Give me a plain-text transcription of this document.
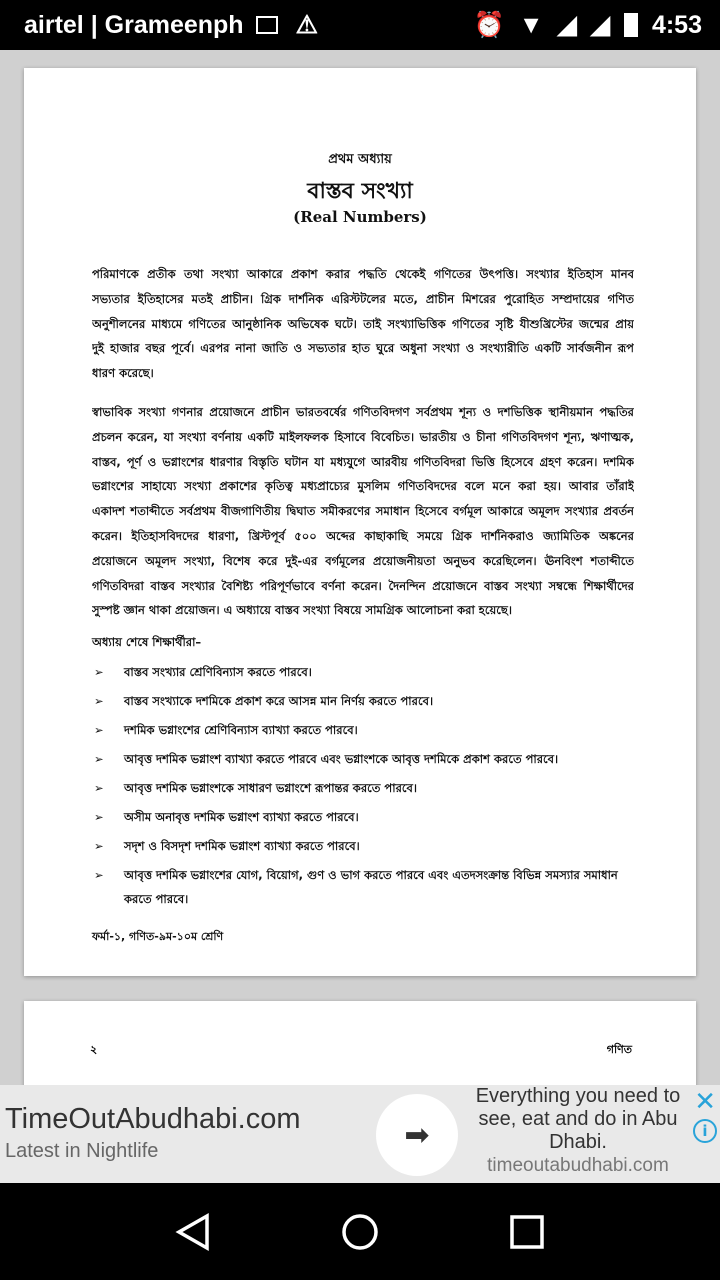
airtel | Grameenph ⚠	⏰ ▼ ◢ ◢ 4:53
প্রথম অধ্যায়
বাস্তব সংখ্যা
(Real Numbers)
পরিমাণকে প্রতীক তথা সংখ্যা আকারে প্রকাশ করার পদ্ধতি থেকেই গণিতের উৎপত্তি। সংখ্যার ইতিহাস মানব
সভ্যতার ইতিহাসের মতই প্রাচীন। গ্রিক দার্শনিক এরিস্টটলের মতে, প্রাচীন মিশরের পুরোহিত সম্প্রদায়ের গণিত
অনুশীলনের মাধ্যমে গণিতের আনুষ্ঠানিক অভিষেক ঘটে। তাই সংখ্যাভিত্তিক গণিতের সৃষ্টি যীশুখ্রিস্টের জন্মের প্রায়
দুই হাজার বছর পূর্বে। এরপর নানা জাতি ও সভ্যতার হাত ঘুরে অধুনা সংখ্যা ও সংখ্যারীতি একটি সার্বজনীন রূপ
ধারণ করেছে।
স্বাভাবিক সংখ্যা গণনার প্রয়োজনে প্রাচীন ভারতবর্ষের গণিতবিদগণ সর্বপ্রথম শূন্য ও দশভিত্তিক স্থানীয়মান পদ্ধতির
প্রচলন করেন, যা সংখ্যা বর্ণনায় একটি মাইলফলক হিসাবে বিবেচিত। ভারতীয় ও চীনা গণিতবিদগণ শূন্য, ঋণাত্মক,
বাস্তব, পূর্ণ ও ভগ্নাংশের ধারণার বিস্তৃতি ঘটান যা মধ্যযুগে আরবীয় গণিতবিদরা ভিত্তি হিসেবে গ্রহণ করেন। দশমিক
ভগ্নাংশের সাহায্যে সংখ্যা প্রকাশের কৃতিত্ব মধ্যপ্রাচ্যের মুসলিম গণিতবিদদের বলে মনে করা হয়। আবার তাঁরাই
একাদশ শতাব্দীতে সর্বপ্রথম বীজগাণিতীয় দ্বিঘাত সমীকরণের সমাধান হিসেবে বর্গমূল আকারে অমূলদ সংখ্যার প্রবর্তন
করেন। ইতিহাসবিদদের ধারণা, খ্রিস্টপূর্ব ৫০০ অব্দের কাছাকাছি সময়ে গ্রিক দার্শনিকরাও জ্যামিতিক অঙ্কনের
প্রয়োজনে অমূলদ সংখ্যা, বিশেষ করে দুই-এর বর্গমূলের প্রয়োজনীয়তা অনুভব করেছিলেন। ঊনবিংশ শতাব্দীতে
গণিতবিদরা বাস্তব সংখ্যার বৈশিষ্ট্য পরিপূর্ণভাবে বর্ণনা করেন। দৈনন্দিন প্রয়োজনে বাস্তব সংখ্যা সম্বন্ধে শিক্ষার্থীদের
সুস্পষ্ট জ্ঞান থাকা প্রয়োজন। এ অধ্যায়ে বাস্তব সংখ্যা বিষয়ে সামগ্রিক আলোচনা করা হয়েছে।
অধ্যায় শেষে শিক্ষার্থীরা–
➢	বাস্তব সংখ্যার শ্রেণিবিন্যাস করতে পারবে।
➢	বাস্তব সংখ্যাকে দশমিকে প্রকাশ করে আসন্ন মান নির্ণয় করতে পারবে।
➢	দশমিক ভগ্নাংশের শ্রেণিবিন্যাস ব্যাখ্যা করতে পারবে।
➢	আবৃত্ত দশমিক ভগ্নাংশ ব্যাখ্যা করতে পারবে এবং ভগ্নাংশকে আবৃত্ত দশমিকে প্রকাশ করতে পারবে।
➢	আবৃত্ত দশমিক ভগ্নাংশকে সাধারণ ভগ্নাংশে রূপান্তর করতে পারবে।
➢	অসীম অনাবৃত্ত দশমিক ভগ্নাংশ ব্যাখ্যা করতে পারবে।
➢	সদৃশ ও বিসদৃশ দশমিক ভগ্নাংশ ব্যাখ্যা করতে পারবে।
➢	আবৃত্ত দশমিক ভগ্নাংশের যোগ, বিয়োগ, গুণ ও ভাগ করতে পারবে এবং এতদসংক্রান্ত বিভিন্ন সমস্যার সমাধান করতে পারবে।
ফর্মা-১, গণিত-৯ম-১০ম শ্রেণি
২	গণিত
TimeOutAbudhabi.com
Latest in Nightlife	➡
Everything you need to see, eat and do in Abu Dhabi.
timeoutabudhabi.com
✕
i
